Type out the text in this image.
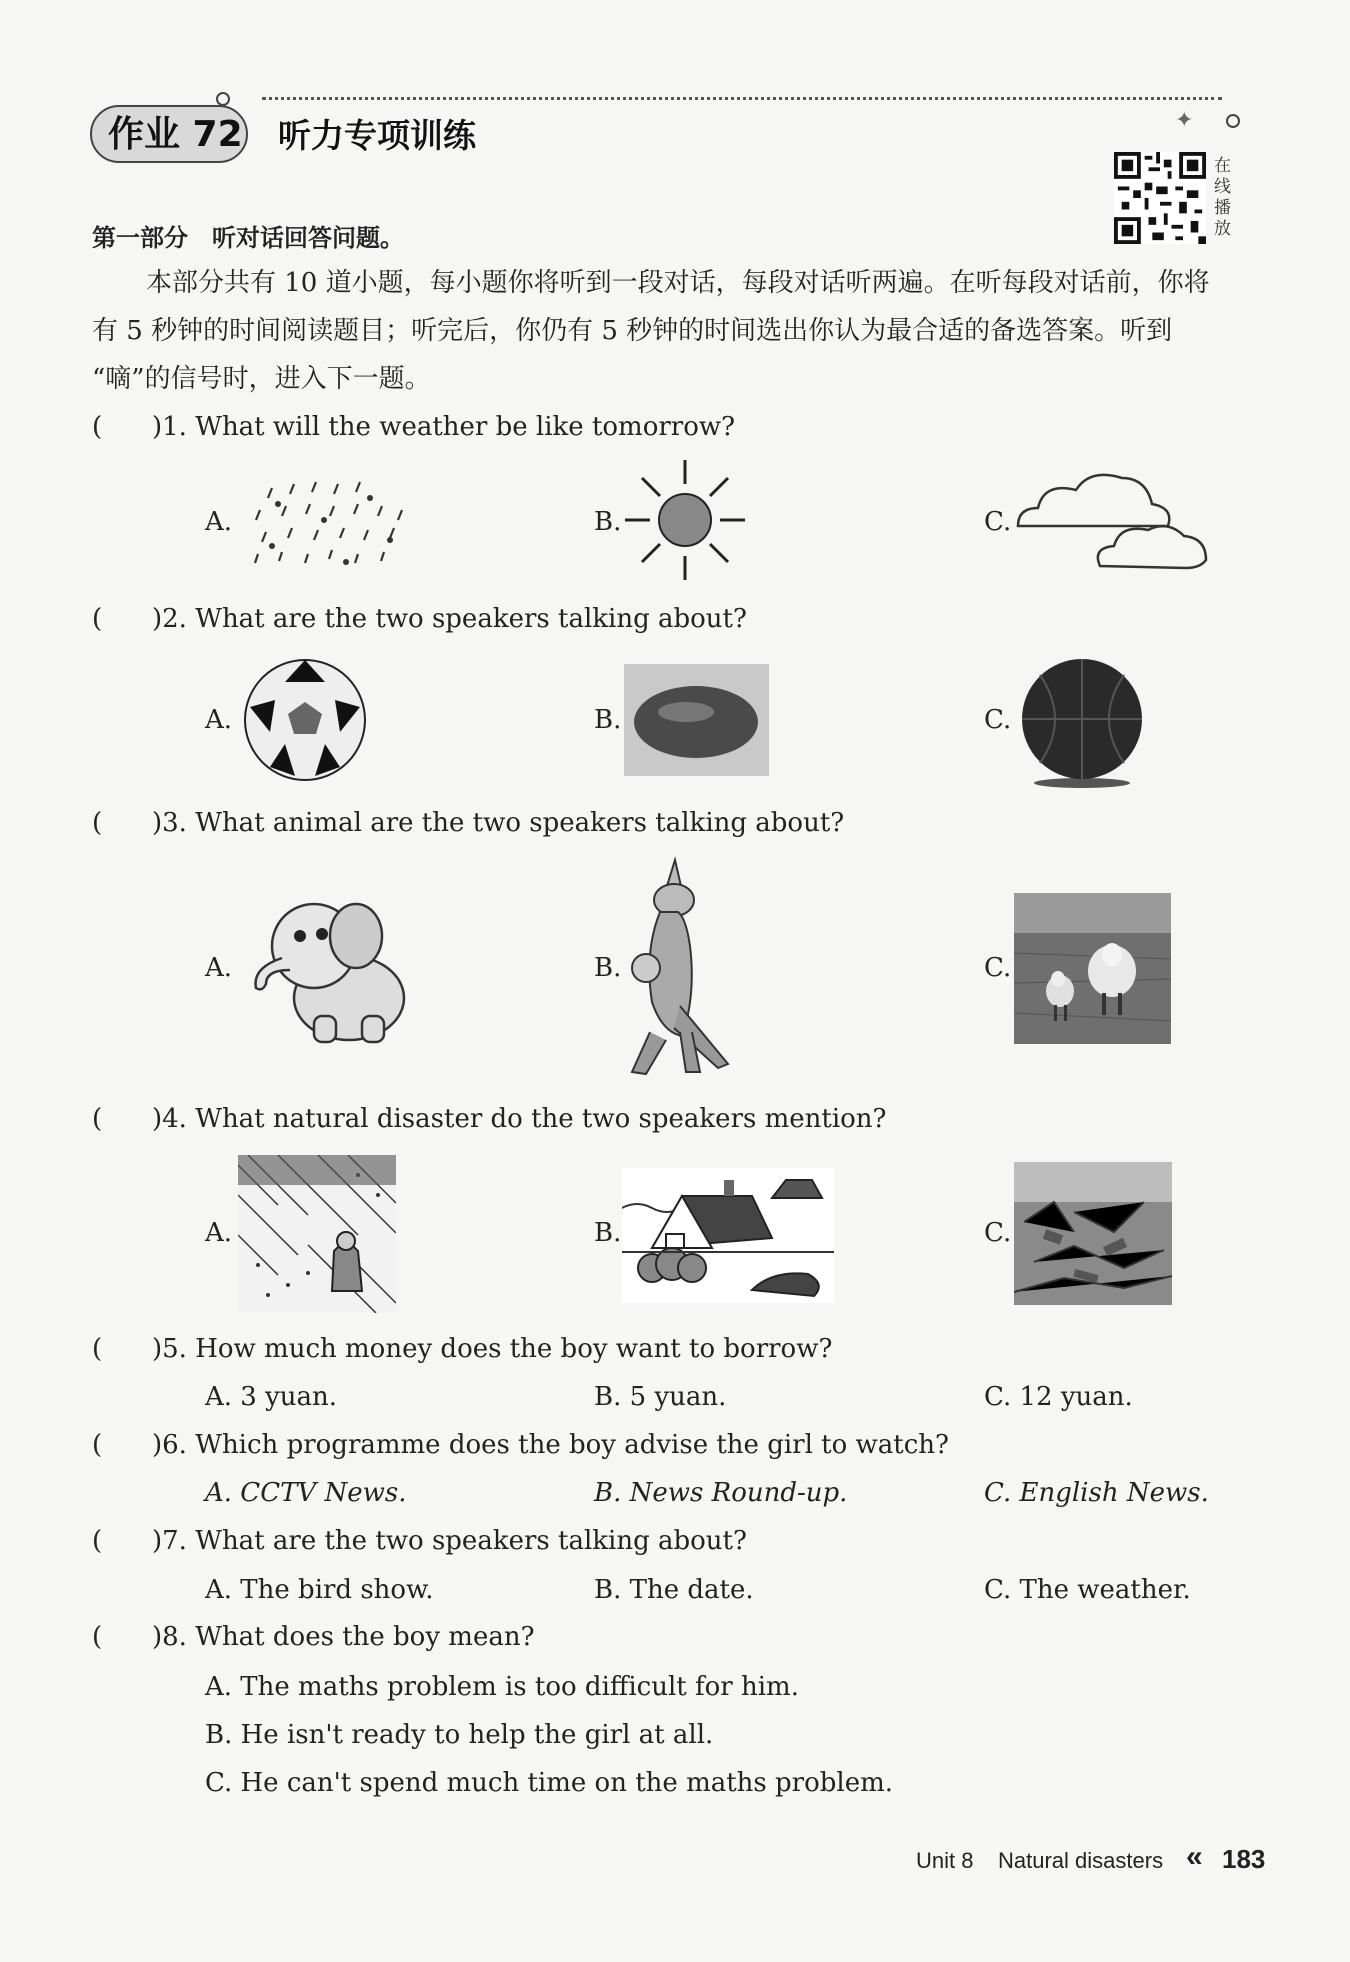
✦
作业 72 听力专项训练
在线播放
第一部分　听对话回答问题。
本部分共有 10 道小题，每小题你将听到一段对话，每段对话听两遍。在听每段对话前，你将
有 5 秒钟的时间阅读题目；听完后，你仍有 5 秒钟的时间选出你认为最合适的备选答案。听到
“嘀”的信号时，进入下一题。
( )1. What will the weather be like tomorrow?
A.	B.	C.
( )2. What are the two speakers talking about?
A.	B.	C.
( )3. What animal are the two speakers talking about?
A.	B.	C.
( )4. What natural disaster do the two speakers mention?
A.	B.	C.
( )5. How much money does the boy want to borrow?
A. 3 yuan.	B. 5 yuan.	C. 12 yuan.
( )6. Which programme does the boy advise the girl to watch?
A. CCTV News.	B. News Round-up.	C. English News.
( )7. What are the two speakers talking about?
A. The bird show.	B. The date.	C. The weather.
( )8. What does the boy mean?
A. The maths problem is too difficult for him.
B. He isn't ready to help the girl at all.
C. He can't spend much time on the maths problem.
Unit 8 Natural disasters « 183
